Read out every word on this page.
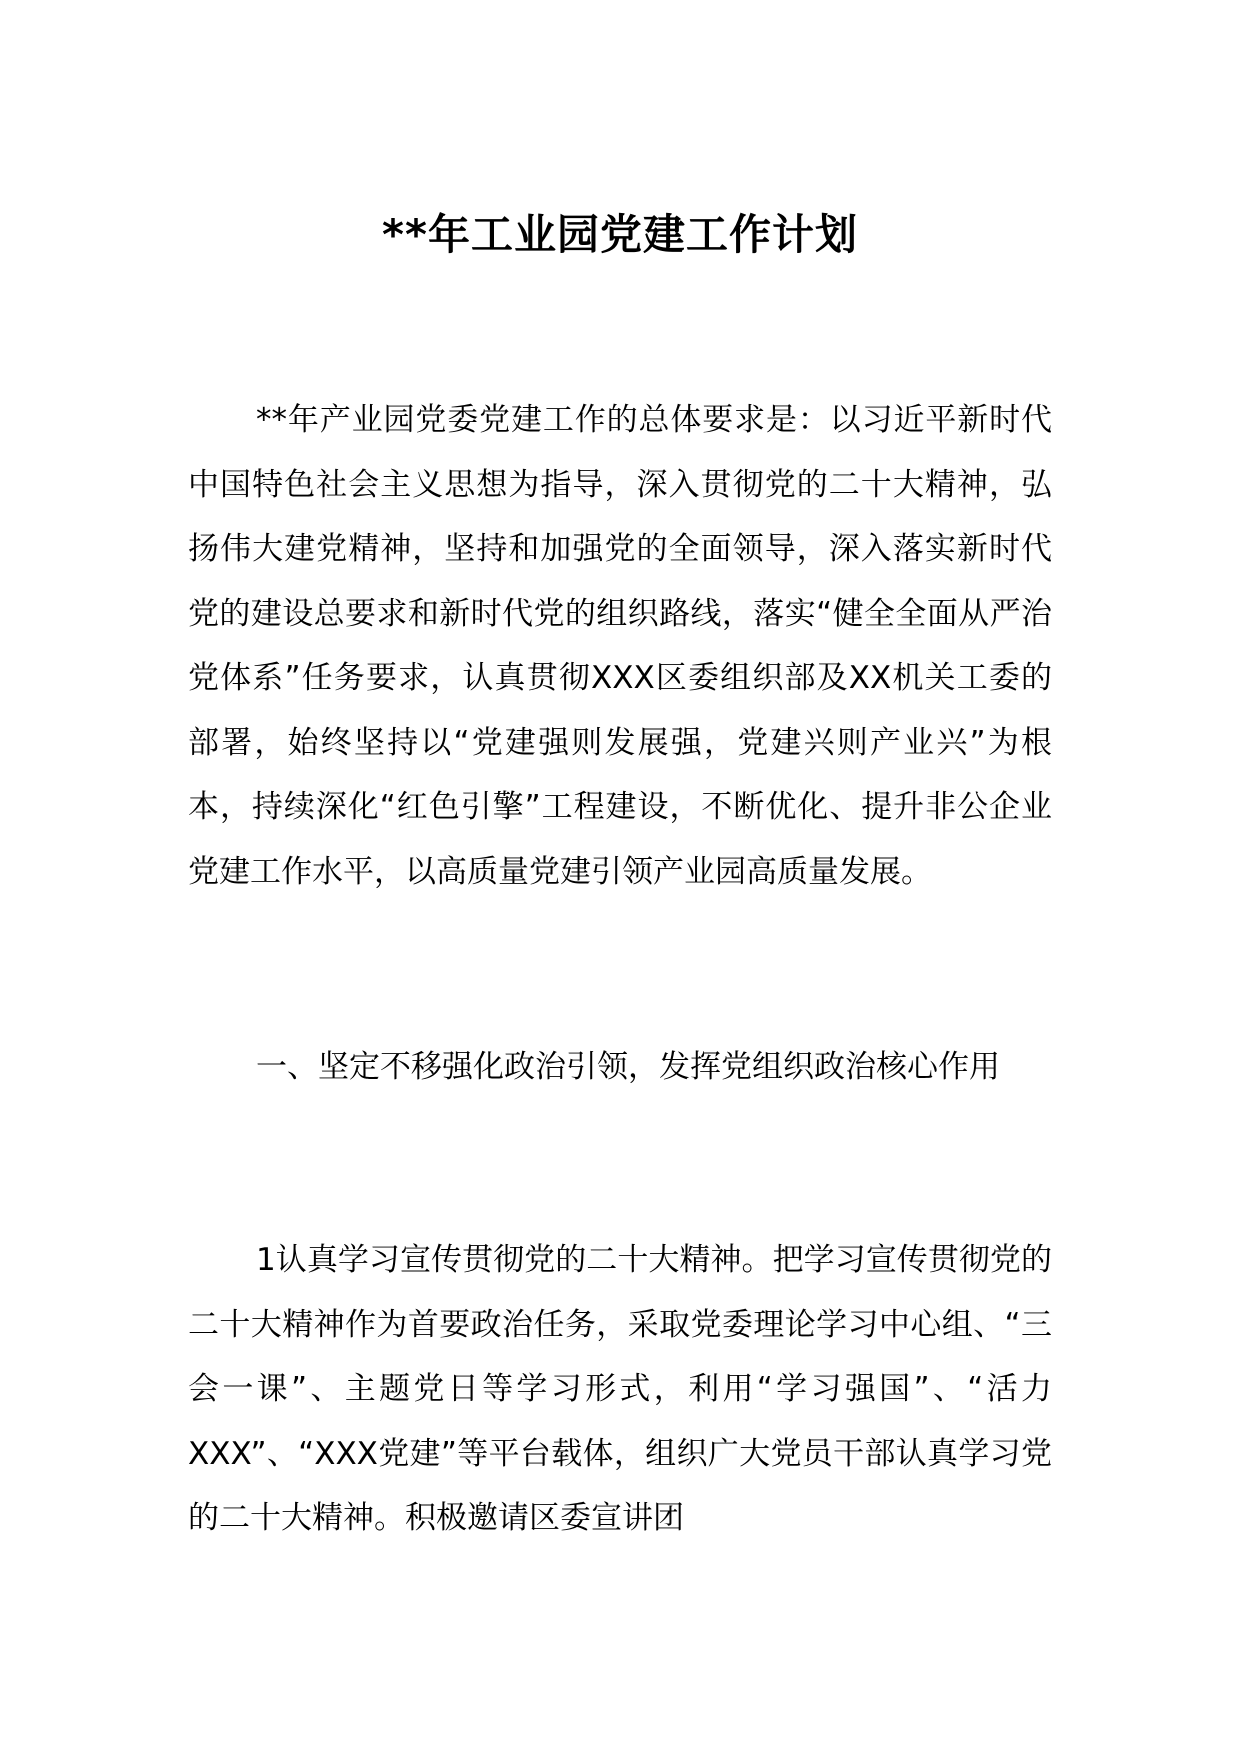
**年工业园党建工作计划

**年产业园党委党建工作的总体要求是：以习近平新时代中国特色社会主义思想为指导，深入贯彻党的二十大精神，弘扬伟大建党精神，坚持和加强党的全面领导，深入落实新时代党的建设总要求和新时代党的组织路线，落实“健全全面从严治党体系”任务要求，认真贯彻XXX区委组织部及XX机关工委的部署，始终坚持以“党建强则发展强，党建兴则产业兴”为根本，持续深化“红色引擎”工程建设，不断优化、提升非公企业党建工作水平，以高质量党建引领产业园高质量发展。

一、坚定不移强化政治引领，发挥党组织政治核心作用

1认真学习宣传贯彻党的二十大精神。把学习宣传贯彻党的二十大精神作为首要政治任务，采取党委理论学习中心组、“三会一课”、主题党日等学习形式，利用“学习强国”、“活力XXX”、“XXX党建”等平台载体，组织广大党员干部认真学习党的二十大精神。积极邀请区委宣讲团
